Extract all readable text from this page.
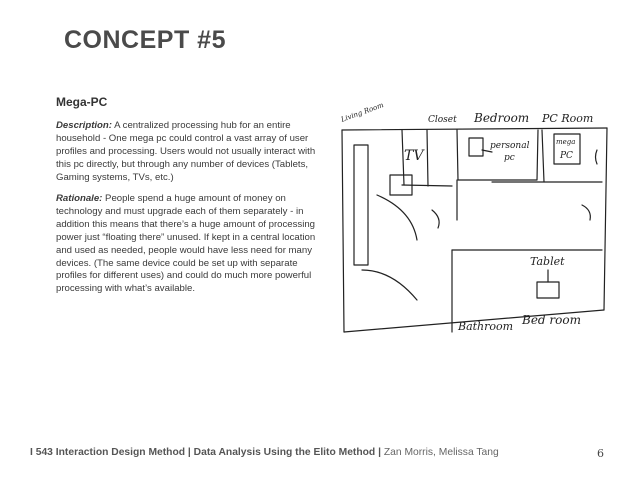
CONCEPT #5
Mega-PC
Description: A centralized processing hub for an entire household - One mega pc could control a vast array of user profiles and processing. Users would not usually interact with this pc directly, but through any number of devices (Tablets, Gaming systems, TVs, etc.)
Rationale: People spend a huge amount of money on technology and must upgrade each of them separately - in addition this means that there’s a huge amount of processing power just “floating there” unused. If kept in a central location and used as needed, people would have less need for many devices. (The same device could be set up with separate profiles for different uses) and could do much more powerful processing with what’s available.
Living Room	Closet Bedroom PC Room
mega
PC
TV
personal
pc
Tablet
Bathroom Bed room
I 543 Interaction Design Method | Data Analysis Using the Elito Method | Zan Morris, Melissa Tang	6
